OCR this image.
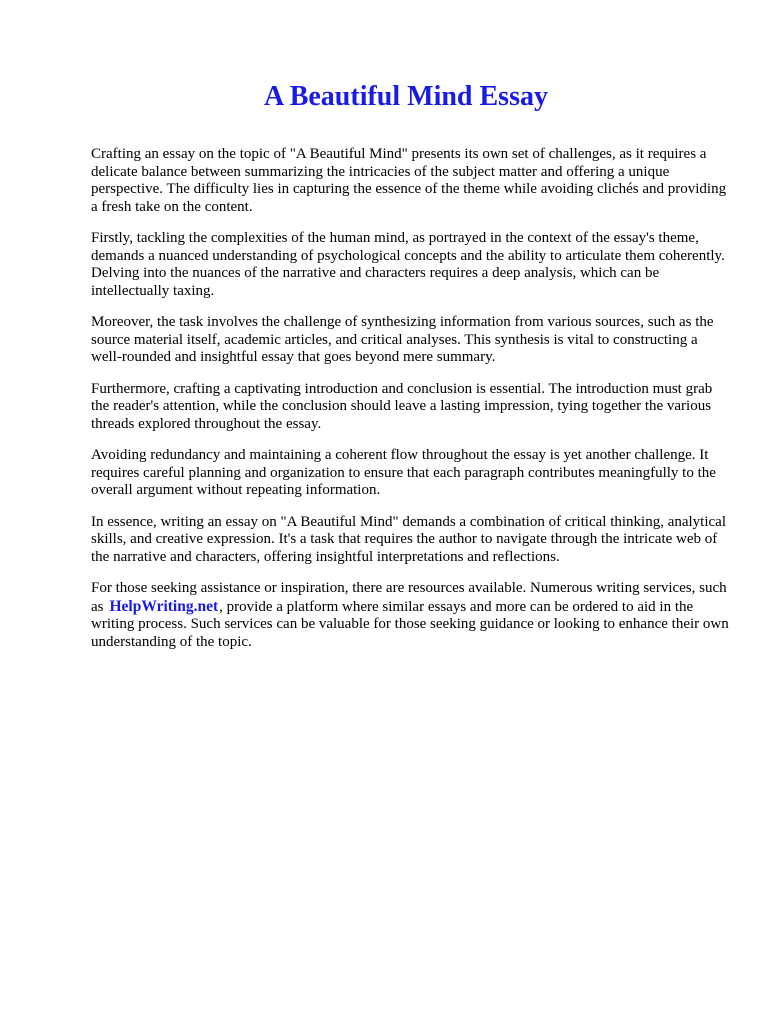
A Beautiful Mind Essay

Crafting an essay on the topic of "A Beautiful Mind" presents its own set of challenges, as it requires a delicate balance between summarizing the intricacies of the subject matter and offering a unique perspective. The difficulty lies in capturing the essence of the theme while avoiding clichés and providing a fresh take on the content.

Firstly, tackling the complexities of the human mind, as portrayed in the context of the essay's theme, demands a nuanced understanding of psychological concepts and the ability to articulate them coherently. Delving into the nuances of the narrative and characters requires a deep analysis, which can be intellectually taxing.

Moreover, the task involves the challenge of synthesizing information from various sources, such as the source material itself, academic articles, and critical analyses. This synthesis is vital to constructing a well-rounded and insightful essay that goes beyond mere summary.

Furthermore, crafting a captivating introduction and conclusion is essential. The introduction must grab the reader's attention, while the conclusion should leave a lasting impression, tying together the various threads explored throughout the essay.

Avoiding redundancy and maintaining a coherent flow throughout the essay is yet another challenge. It requires careful planning and organization to ensure that each paragraph contributes meaningfully to the overall argument without repeating information.

In essence, writing an essay on "A Beautiful Mind" demands a combination of critical thinking, analytical skills, and creative expression. It's a task that requires the author to navigate through the intricate web of the narrative and characters, offering insightful interpretations and reflections.

For those seeking assistance or inspiration, there are resources available. Numerous writing services, such as HelpWriting.net, provide a platform where similar essays and more can be ordered to aid in the writing process. Such services can be valuable for those seeking guidance or looking to enhance their own understanding of the topic.
